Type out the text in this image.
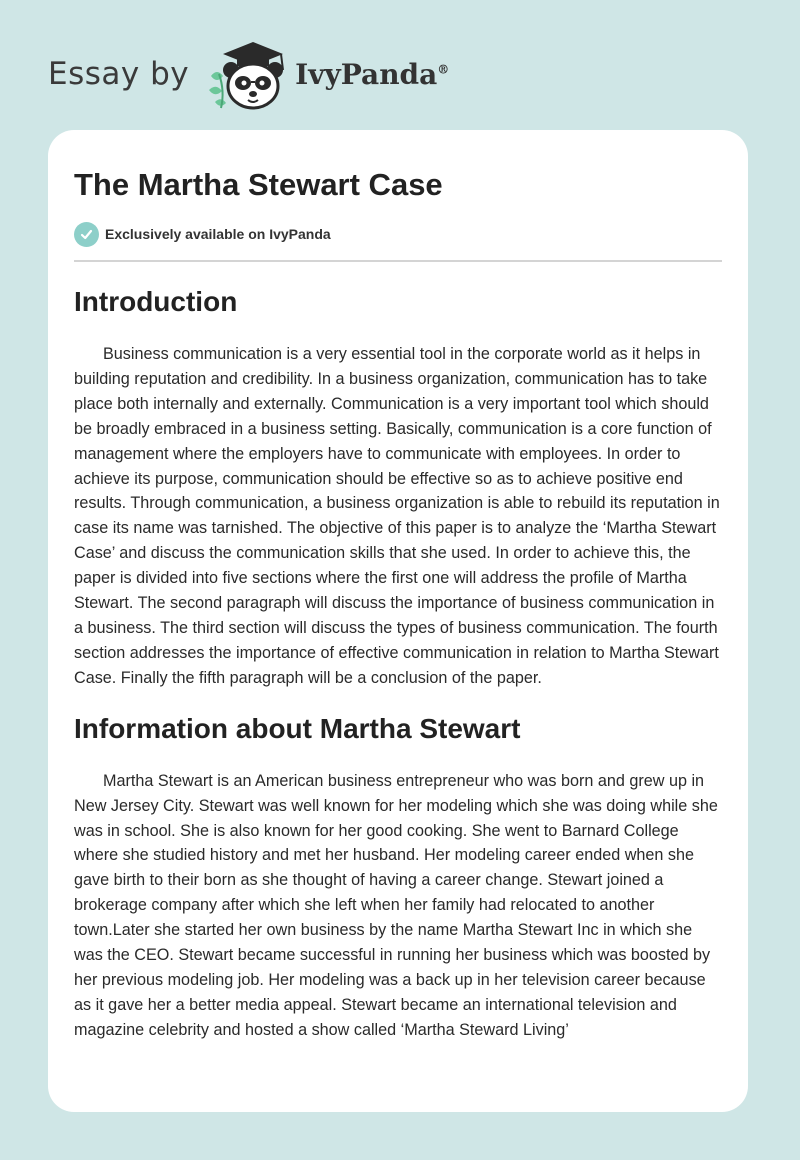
Essay by	IvyPanda®
The Martha Stewart Case
Exclusively available on IvyPanda
Introduction

Business communication is a very essential tool in the corporate world as it helps in building reputation and credibility. In a business organization, communication has to take place both internally and externally. Communication is a very important tool which should be broadly embraced in a business setting. Basically, communication is a core function of management where the employers have to communicate with employees. In order to achieve its purpose, communication should be effective so as to achieve positive end results. Through communication, a business organization is able to rebuild its reputation in case its name was tarnished. The objective of this paper is to analyze the ‘Martha Stewart Case’ and discuss the communication skills that she used. In order to achieve this, the paper is divided into five sections where the first one will address the profile of Martha Stewart. The second paragraph will discuss the importance of business communication in a business. The third section will discuss the types of business communication. The fourth section addresses the importance of effective communication in relation to Martha Stewart Case. Finally the fifth paragraph will be a conclusion of the paper.

Information about Martha Stewart

Martha Stewart is an American business entrepreneur who was born and grew up in New Jersey City. Stewart was well known for her modeling which she was doing while she was in school. She is also known for her good cooking. She went to Barnard College where she studied history and met her husband. Her modeling career ended when she gave birth to their born as she thought of having a career change. Stewart joined a brokerage company after which she left when her family had relocated to another town.Later she started her own business by the name Martha Stewart Inc in which she was the CEO. Stewart became successful in running her business which was boosted by her previous modeling job. Her modeling was a back up in her television career because as it gave her a better media appeal. Stewart became an international television and magazine celebrity and hosted a show called ‘Martha Steward Living’
